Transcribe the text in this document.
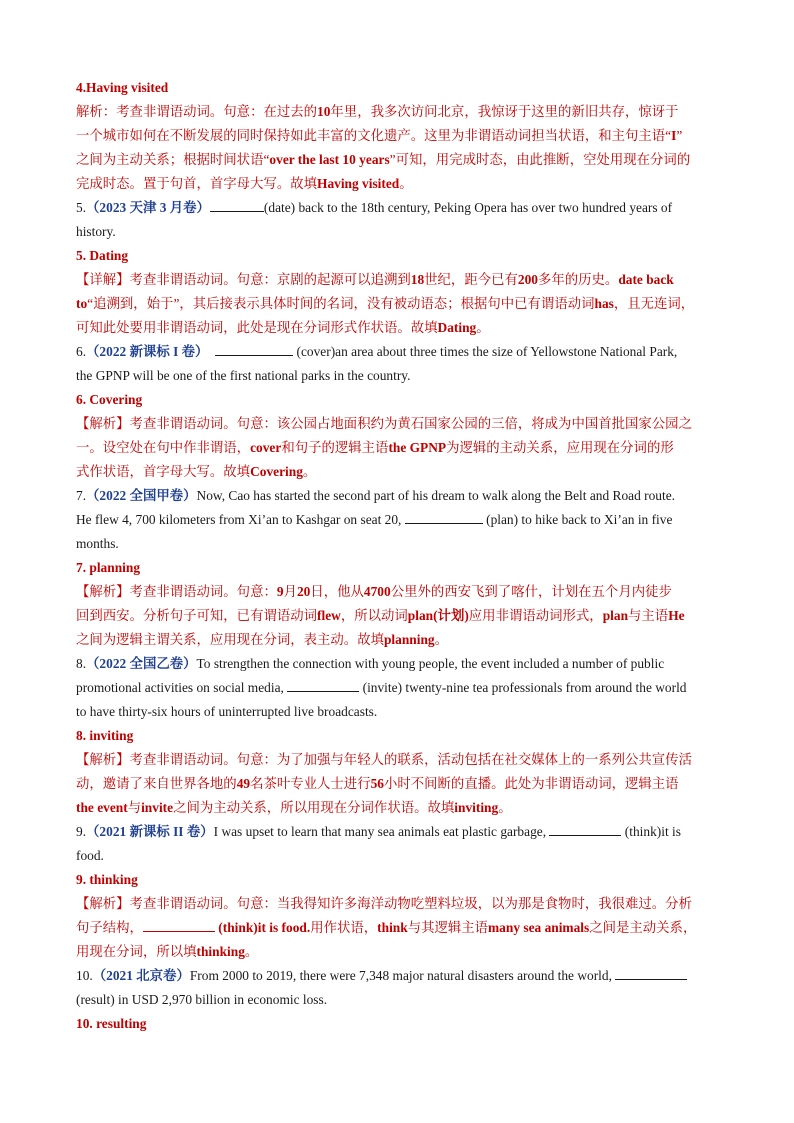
4.Having visited
解析：考查非谓语动词。句意：在过去的10年里，我多次访问北京，我惊讶于这里的新旧共存，惊讶于
一个城市如何在不断发展的同时保持如此丰富的文化遗产。这里为非谓语动词担当状语，和主句主语“I”
之间为主动关系；根据时间状语“over the last 10 years”可知，用完成时态，由此推断，空处用现在分词的
完成时态。置于句首，首字母大写。故填Having visited。
5.（2023 天津 3 月卷）	(date) back to the 18th century, Peking Opera has over two hundred years of
history.
5. Dating
【详解】考查非谓语动词。句意：京剧的起源可以追溯到18世纪，距今已有200多年的历史。date back
to“追溯到，始于”，其后接表示具体时间的名词，没有被动语态；根据句中已有谓语动词has，且无连词，
可知此处要用非谓语动词，此处是现在分词形式作状语。故填Dating。
6.（2022 新课标 I 卷）	(cover)an area about three times the size of Yellowstone National Park,
the GPNP will be one of the first national parks in the country.
6. Covering
【解析】考查非谓语动词。句意：该公园占地面积约为黄石国家公园的三倍，将成为中国首批国家公园之
一。设空处在句中作非谓语，cover和句子的逻辑主语the GPNP为逻辑的主动关系，应用现在分词的形
式作状语，首字母大写。故填Covering。
7.（2022 全国甲卷）Now, Cao has started the second part of his dream to walk along the Belt and Road route.
He flew 4, 700 kilometers from Xi’an to Kashgar on seat 20,	(plan) to hike back to Xi’an in five
months.
7. planning
【解析】考查非谓语动词。句意：9月20日，他从4700公里外的西安飞到了喀什，计划在五个月内徒步
回到西安。分析句子可知，已有谓语动词flew，所以动词plan(计划)应用非谓语动词形式，plan与主语He
之间为逻辑主谓关系，应用现在分词，表主动。故填planning。
8.（2022 全国乙卷）To strengthen the connection with young people, the event included a number of public
promotional activities on social media,	(invite) twenty-nine tea professionals from around the world
to have thirty-six hours of uninterrupted live broadcasts.
8. inviting
【解析】考查非谓语动词。句意：为了加强与年轻人的联系，活动包括在社交媒体上的一系列公共宣传活
动，邀请了来自世界各地的49名茶叶专业人士进行56小时不间断的直播。此处为非谓语动词，逻辑主语
the event与invite之间为主动关系，所以用现在分词作状语。故填inviting。
9.（2021 新课标 II 卷）I was upset to learn that many sea animals eat plastic garbage,	(think)it is
food.
9. thinking
【解析】考查非谓语动词。句意：当我得知许多海洋动物吃塑料垃圾，以为那是食物时，我很难过。分析
句子结构，	(think)it is food.用作状语，think与其逻辑主语many sea animals之间是主动关系，
用现在分词，所以填thinking。
10.（2021 北京卷）From 2000 to 2019, there were 7,348 major natural disasters around the world,
(result) in USD 2,970 billion in economic loss.
10. resulting
